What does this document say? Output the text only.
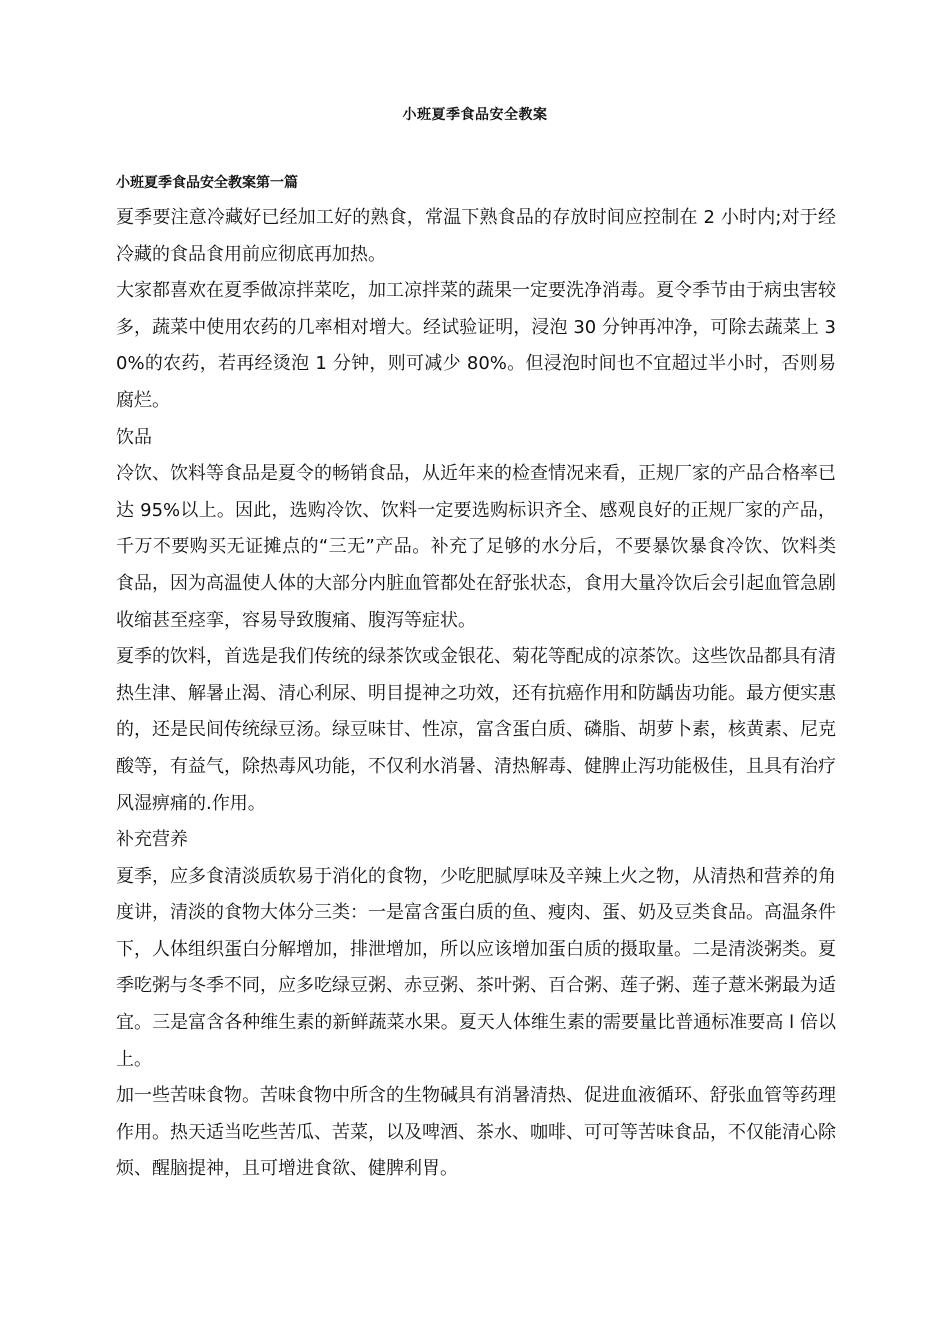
小班夏季食品安全教案
小班夏季食品安全教案第一篇

夏季要注意冷藏好已经加工好的熟食，常温下熟食品的存放时间应控制在 2 小时内;对于经冷藏的食品食用前应彻底再加热。

大家都喜欢在夏季做凉拌菜吃，加工凉拌菜的蔬果一定要洗净消毒。夏令季节由于病虫害较多，蔬菜中使用农药的几率相对增大。经试验证明，浸泡 30 分钟再冲净，可除去蔬菜上 30%的农药，若再经烫泡 1 分钟，则可减少 80%。但浸泡时间也不宜超过半小时，否则易腐烂。

饮品

冷饮、饮料等食品是夏令的畅销食品，从近年来的检查情况来看，正规厂家的产品合格率已达 95%以上。因此，选购冷饮、饮料一定要选购标识齐全、感观良好的正规厂家的产品，千万不要购买无证摊点的“三无”产品。补充了足够的水分后，不要暴饮暴食冷饮、饮料类食品，因为高温使人体的大部分内脏血管都处在舒张状态，食用大量冷饮后会引起血管急剧收缩甚至痉挛，容易导致腹痛、腹泻等症状。

夏季的饮料，首选是我们传统的绿茶饮或金银花、菊花等配成的凉茶饮。这些饮品都具有清热生津、解暑止渴、清心利尿、明目提神之功效，还有抗癌作用和防龋齿功能。最方便实惠的，还是民间传统绿豆汤。绿豆味甘、性凉，富含蛋白质、磷脂、胡萝卜素，核黄素、尼克酸等，有益气，除热毒风功能，不仅利水消暑、清热解毒、健脾止泻功能极佳，且具有治疗风湿痹痛的.作用。

补充营养

夏季，应多食清淡质软易于消化的食物，少吃肥腻厚味及辛辣上火之物，从清热和营养的角度讲，清淡的食物大体分三类：一是富含蛋白质的鱼、瘦肉、蛋、奶及豆类食品。高温条件下，人体组织蛋白分解增加，排泄增加，所以应该增加蛋白质的摄取量。二是清淡粥类。夏季吃粥与冬季不同，应多吃绿豆粥、赤豆粥、茶叶粥、百合粥、莲子粥、莲子薏米粥最为适宜。三是富含各种维生素的新鲜蔬菜水果。夏天人体维生素的需要量比普通标准要高 l 倍以上。

加一些苦味食物。苦味食物中所含的生物碱具有消暑清热、促进血液循环、舒张血管等药理作用。热天适当吃些苦瓜、苦菜，以及啤酒、茶水、咖啡、可可等苦味食品，不仅能清心除烦、醒脑提神，且可增进食欲、健脾利胃。
